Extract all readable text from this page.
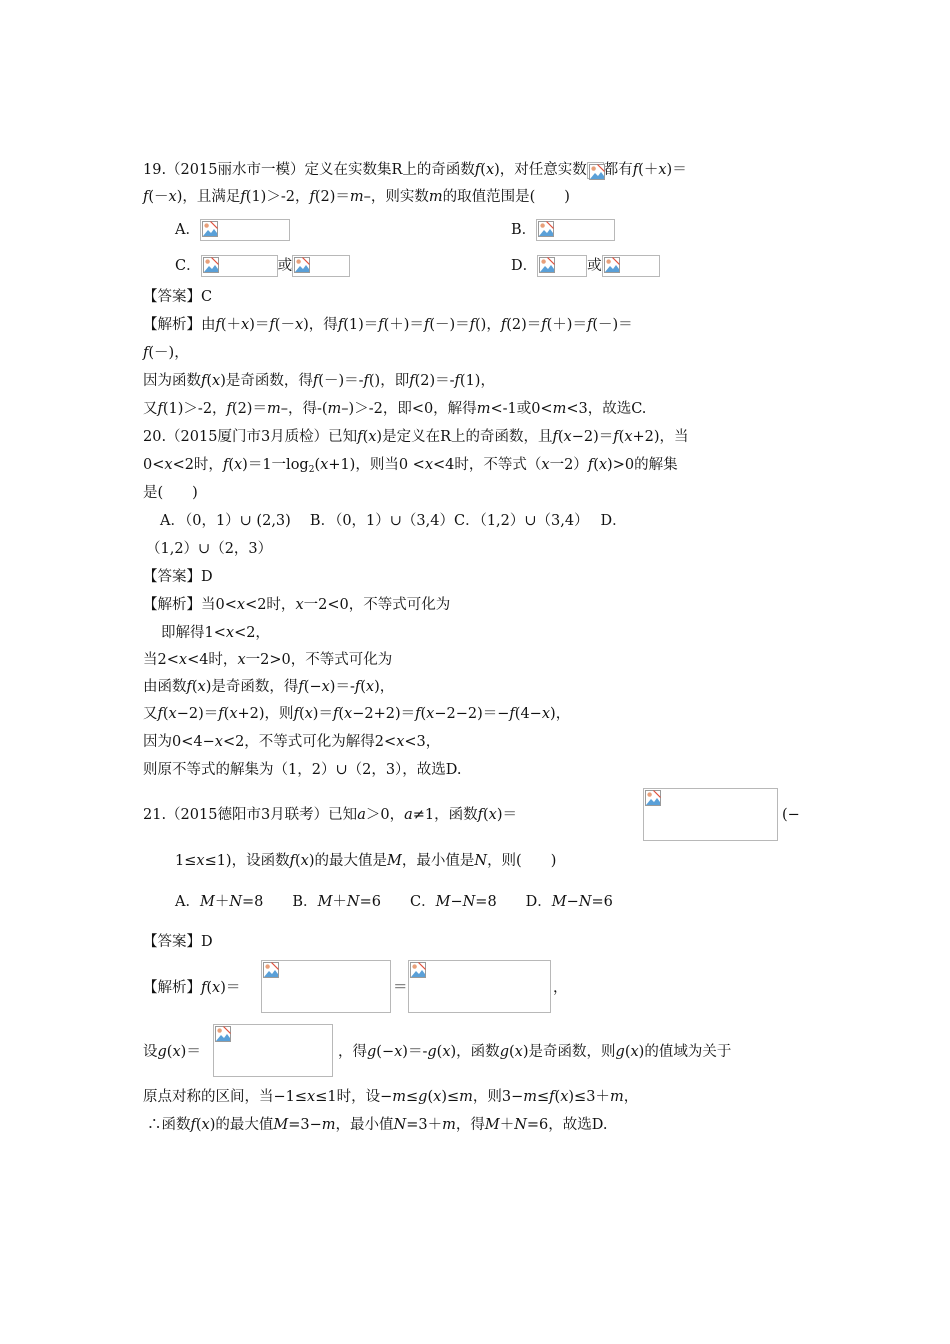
19.（2015丽水市一模）定义在实数集R上的奇函数f(x)，对任意实数 都有f(＋x)＝
f(－x)，且满足f(1)＞-2，f(2)＝m–，则实数m的取值范围是(　　)
A．	B．
C．	或	D．	或
【答案】C
【解析】由f(＋x)＝f(－x)，得f(1)＝f(＋)＝f(－)＝f()，f(2)＝f(＋)＝f(－)＝
f(－)，
因为函数f(x)是奇函数，得f(－)＝-f()，即f(2)＝-f(1)，
又f(1)＞-2，f(2)＝m–，得-(m–)＞-2，即<0，解得m<-1或0<m<3，故选C.
20.（2015厦门市3月质检）已知f(x)是定义在R上的奇函数，且f(x−2)＝f(x+2)，当
0<x<2时，f(x)＝1一$\log_2(x+1)$，则当0 <x<4时，不等式（x一2）f(x)>0的解集
是(　　)
A．（0，1）∪ (2,3)　 B．（0，1）∪（3,4）C．（1,2）∪（3,4）　 D．
（1,2）∪（2，3）
【答案】D
【解析】当0<x<2时，x一2<0，不等式可化为
即解得1<x<2，
当2<x<4时，x一2>0，不等式可化为
由函数f(x)是奇函数，得f(−x)＝-f(x)，
又f(x−2)＝f(x+2)，则f(x)＝f(x−2+2)＝f(x−2−2)＝−f(4−x)，
因为0<4−x<2，不等式可化为解得2<x<3，
则原不等式的解集为（1，2）∪（2，3），故选D.
21.（2015德阳市3月联考）已知a＞0，a≠1，函数f(x)＝	(−
1≤x≤1)，设函数f(x)的最大值是M，最小值是N，则(　　)
A．M＋N=8　　B．M＋N=6　　C．M−N=8　　D．M−N=6
【答案】D
【解析】f(x)＝	＝	，
设g(x)＝	，得g(−x)＝-g(x)，函数g(x)是奇函数，则g(x)的值域为关于
原点对称的区间，当−1≤x≤1时，设−m≤g(x)≤m，则3−m≤f(x)≤3＋m，
∴函数f(x)的最大值M=3−m，最小值N=3＋m，得M＋N=6，故选D.
